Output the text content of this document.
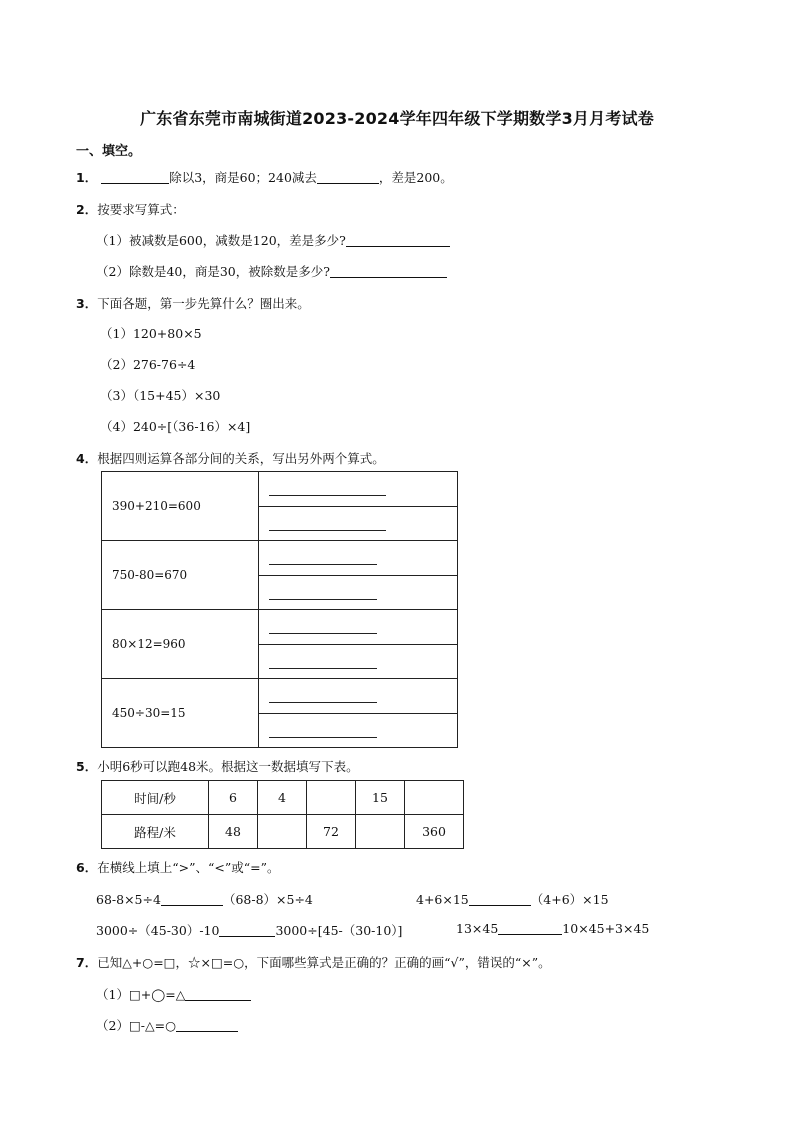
广东省东莞市南城街道2023-2024学年四年级下学期数学3月月考试卷
一、填空。
1．	除以3，商是60；240减去	，差是200。
2．按要求写算式：
（1）被减数是600，减数是120，差是多少?
（2）除数是40，商是30，被除数是多少?
3．下面各题，第一步先算什么？圈出来。
（1）120+80×5
（2）276-76÷4
（3）（15+45）×30
（4）240÷[（36-16）×4]
4．根据四则运算各部分间的关系，写出另外两个算式。
390+210=600	

750-80=670	

80×12=960	

450÷30=15	
5．小明6秒可以跑48米。根据这一数据填写下表。
时间/秒	6	4		15	
路程/米	48		72		360
6．在横线上填上“>”、“<”或“=”。
68-8×5÷4	（68-8）×5÷4	4+6×15	（4+6）×15
3000÷（45-30）-10	3000÷[45-（30-10）]	13×45	10×45+3×45
7．已知△+○=□，☆×□=○，下面哪些算式是正确的？正确的画“√”，错误的“×”。
（1）□+◯=△
（2）□-△=○
